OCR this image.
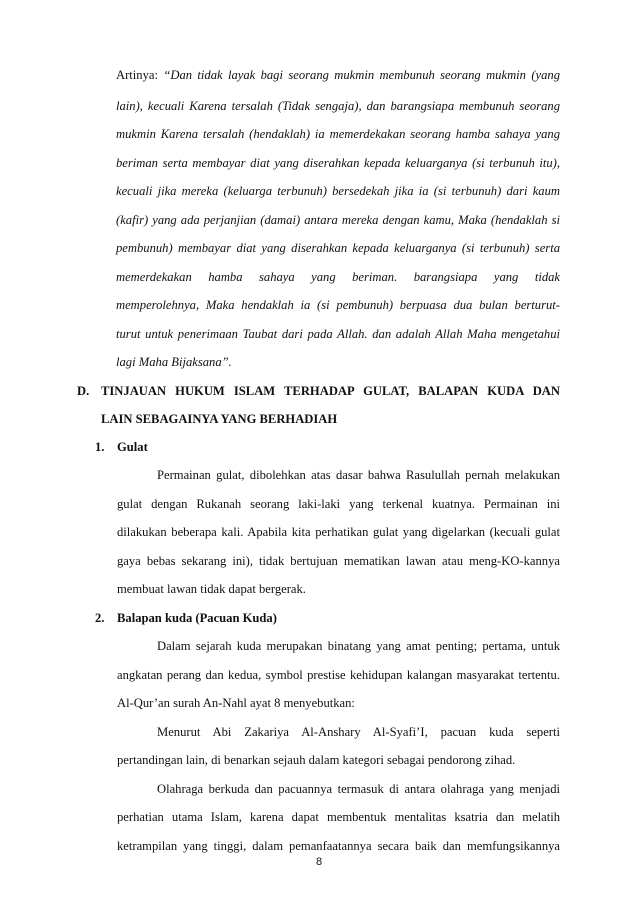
Artinya: “Dan tidak layak bagi seorang mukmin membunuh seorang mukmin (yang
lain), kecuali Karena tersalah (Tidak sengaja), dan barangsiapa membunuh seorang
mukmin Karena tersalah (hendaklah) ia memerdekakan seorang hamba sahaya yang
beriman serta membayar diat yang diserahkan kepada keluarganya (si terbunuh itu),
kecuali jika mereka (keluarga terbunuh) bersedekah jika ia (si terbunuh) dari kaum
(kafir) yang ada perjanjian (damai) antara mereka dengan kamu, Maka (hendaklah si
pembunuh) membayar diat yang diserahkan kepada keluarganya (si terbunuh) serta
memerdekakan hamba sahaya yang beriman. barangsiapa yang tidak
memperolehnya, Maka hendaklah ia (si pembunuh) berpuasa dua bulan berturut-
turut untuk penerimaan Taubat dari pada Allah. dan adalah Allah Maha mengetahui
lagi Maha Bijaksana”.
D. TINJAUAN HUKUM ISLAM TERHADAP GULAT, BALAPAN KUDA DAN
LAIN SEBAGAINYA YANG BERHADIAH
1. Gulat
Permainan gulat, dibolehkan atas dasar bahwa Rasulullah pernah melakukan
gulat dengan Rukanah seorang laki-laki yang terkenal kuatnya. Permainan ini
dilakukan beberapa kali. Apabila kita perhatikan gulat yang digelarkan (kecuali gulat
gaya bebas sekarang ini), tidak bertujuan mematikan lawan atau meng-KO-kannya
membuat lawan tidak dapat bergerak.
2. Balapan kuda (Pacuan Kuda)
Dalam sejarah kuda merupakan binatang yang amat penting; pertama, untuk
angkatan perang dan kedua, symbol prestise kehidupan kalangan masyarakat tertentu.
Al-Qur’an surah An-Nahl ayat 8 menyebutkan:
Menurut Abi Zakariya Al-Anshary Al-Syafi’I, pacuan kuda seperti
pertandingan lain, di benarkan sejauh dalam kategori sebagai pendorong zihad.
Olahraga berkuda dan pacuannya termasuk di antara olahraga yang menjadi
perhatian utama Islam, karena dapat membentuk mentalitas ksatria dan melatih
ketrampilan yang tinggi, dalam pemanfaatannya secara baik dan memfungsikannya
8
